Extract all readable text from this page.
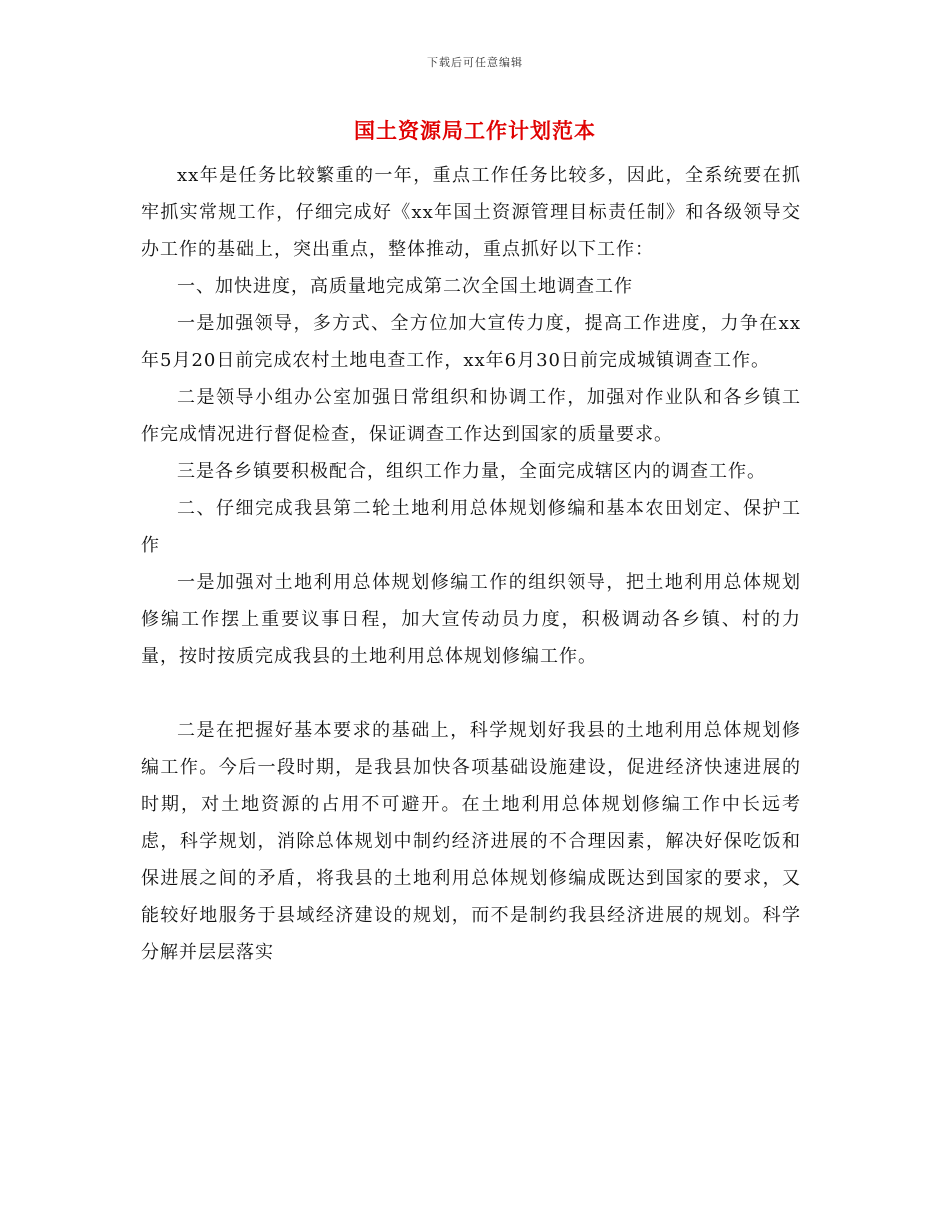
下载后可任意编辑
国土资源局工作计划范本

xx年是任务比较繁重的一年，重点工作任务比较多，因此，全系统要在抓牢抓实常规工作，仔细完成好《xx年国土资源管理目标责任制》和各级领导交办工作的基础上，突出重点，整体推动，重点抓好以下工作：

一、加快进度，高质量地完成第二次全国土地调查工作

一是加强领导，多方式、全方位加大宣传力度，提高工作进度，力争在xx年5月20日前完成农村土地电查工作，xx年6月30日前完成城镇调查工作。

二是领导小组办公室加强日常组织和协调工作，加强对作业队和各乡镇工作完成情况进行督促检查，保证调查工作达到国家的质量要求。

三是各乡镇要积极配合，组织工作力量，全面完成辖区内的调查工作。

二、仔细完成我县第二轮土地利用总体规划修编和基本农田划定、保护工作

一是加强对土地利用总体规划修编工作的组织领导，把土地利用总体规划修编工作摆上重要议事日程，加大宣传动员力度，积极调动各乡镇、村的力量，按时按质完成我县的土地利用总体规划修编工作。

二是在把握好基本要求的基础上，科学规划好我县的土地利用总体规划修编工作。今后一段时期，是我县加快各项基础设施建设，促进经济快速进展的时期，对土地资源的占用不可避开。在土地利用总体规划修编工作中长远考虑，科学规划，消除总体规划中制约经济进展的不合理因素，解决好保吃饭和保进展之间的矛盾，将我县的土地利用总体规划修编成既达到国家的要求，又能较好地服务于县域经济建设的规划，而不是制约我县经济进展的规划。科学分解并层层落实
